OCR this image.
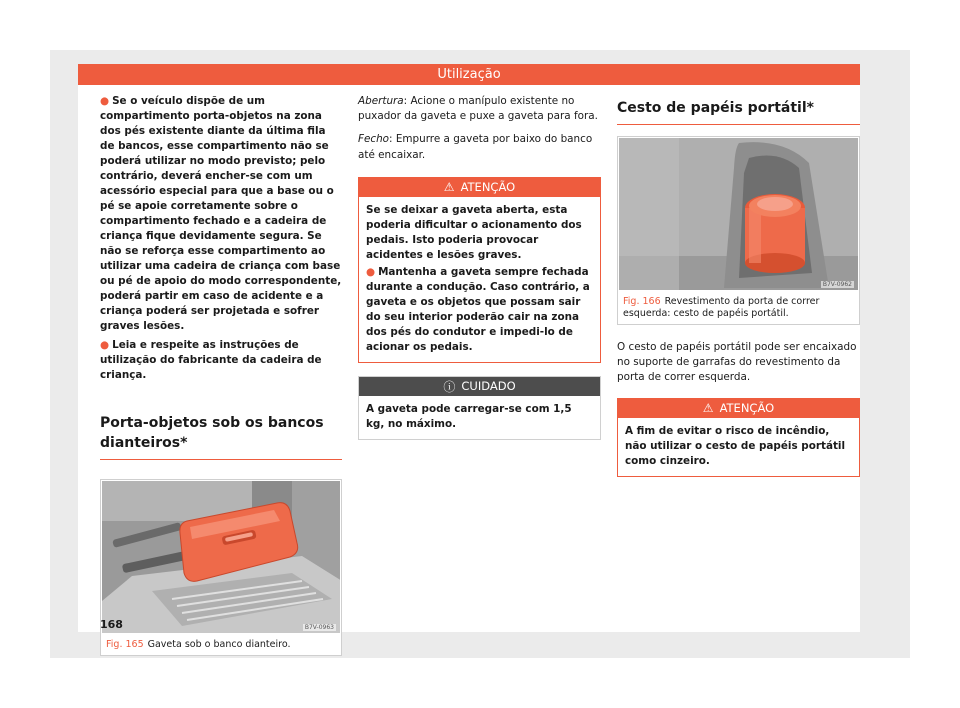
Utilização

● Se o veículo dispõe de um compartimento porta-objetos na zona dos pés existente diante da última fila de bancos, esse compartimento não se poderá utilizar no modo previsto; pelo contrário, deverá encher-se com um acessório especial para que a base ou o pé se apoie corretamente sobre o compartimento fechado e a cadeira de criança fique devidamente segura. Se não se reforça esse compartimento ao utilizar uma cadeira de criança com base ou pé de apoio do modo correspondente, poderá partir em caso de acidente e a criança poderá ser projetada e sofrer graves lesões.

● Leia e respeite as instruções de utilização do fabricante da cadeira de criança.

Porta-objetos sob os bancos dianteiros*
B7V-0963
Fig. 165 Gaveta sob o banco dianteiro.

Abertura: Acione o manípulo existente no puxador da gaveta e puxe a gaveta para fora.

Fecho: Empurre a gaveta por baixo do banco até encaixar.

⚠ ATENÇÃO

Se se deixar a gaveta aberta, esta poderia dificultar o acionamento dos pedais. Isto poderia provocar acidentes e lesões graves.

● Mantenha a gaveta sempre fechada durante a condução. Caso contrário, a gaveta e os objetos que possam sair do seu interior poderão cair na zona dos pés do condutor e impedi-lo de acionar os pedais.

ⓘ CUIDADO

A gaveta pode carregar-se com 1,5 kg, no máximo.

Cesto de papéis portátil*
B7V-0962
Fig. 166 Revestimento da porta de correr esquerda: cesto de papéis portátil.

O cesto de papéis portátil pode ser encaixado no suporte de garrafas do revestimento da porta de correr esquerda.

⚠ ATENÇÃO

A fim de evitar o risco de incêndio, não utilizar o cesto de papéis portátil como cinzeiro.

168
